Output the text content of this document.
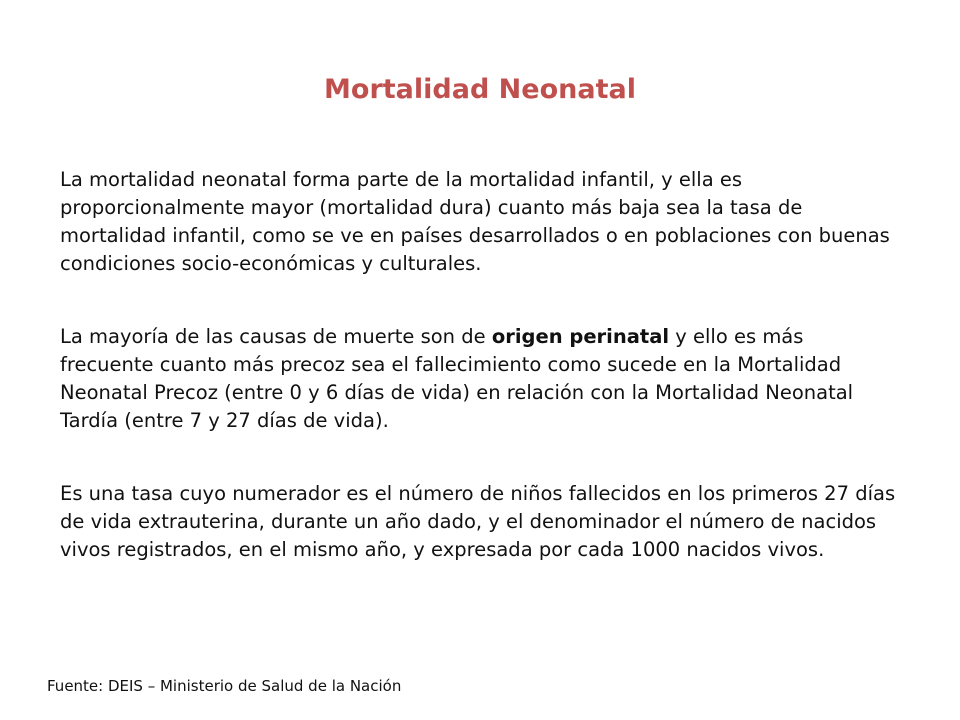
Mortalidad Neonatal

La mortalidad neonatal forma parte de la mortalidad infantil, y ella es proporcionalmente mayor (mortalidad dura) cuanto más baja sea la tasa de mortalidad infantil, como se ve en países desarrollados o en poblaciones con buenas condiciones socio-económicas y culturales.

La mayoría de las causas de muerte son de origen perinatal y ello es más frecuente cuanto más precoz sea el fallecimiento como sucede en la Mortalidad Neonatal Precoz (entre 0 y 6 días de vida) en relación con la Mortalidad Neonatal Tardía (entre 7 y 27 días de vida).

Es una tasa cuyo numerador es el número de niños fallecidos en los primeros 27 días de vida extrauterina, durante un año dado, y el denominador el número de nacidos vivos registrados, en el mismo año, y expresada por cada 1000 nacidos vivos.

Fuente: DEIS – Ministerio de Salud de la Nación
